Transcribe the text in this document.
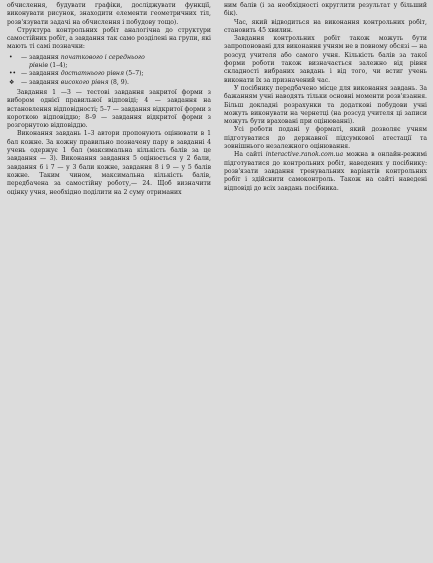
обчислення, будувати графіки, досліджувати функції, виконувати рисунок, знаходити елементи геометричних тіл, розв'язувати задачі на обчислення і побудову тощо).

Структура контрольних робіт аналогічна до структури самостійних робіт, а завдання так само розділені на групи, які мають ті самі позначки:

•	— завдання початкового і середнього
рівнів (1–4);
•• — завдання достатнього рівня (5–7);
❖	— завдання високого рівня (8, 9).

Завдання 1 —3 — тестові завдання закритої форми з вибором однієї правильної відповіді; 4 — завдання на встановлення відповідності; 5–7 — завдання відкритої форми з короткою відповіддю; 8–9 — завдання відкритої форми з розгорнутою відповіддю.

Виконання завдань 1–3 автори пропонують оцінювати в 1 бал кожне. За кожну правильно позначену пару в завданні 4 учень одержує 1 бал (максимальна кількість балів за це завдання — 3). Виконання завдання 5 оцінюється у 2 бали, завдання 6 і 7 — у 3 бали кожне, завдання 8 і 9 — у 5 балів кожне. Таким чином, максимальна кількість балів, передбачена за самостійну роботу,— 24. Щоб визначити оцінку учня, необхідно поділити на 2 суму отриманих

ним балів (і за необхідності округлити результат у більший бік).

Час, який відводиться на виконання контрольних робіт, становить 45 хвилин.

Завдання контрольних робіт також можуть бути запропоновані для виконання учням не в повному обсязі — на розсуд учителя або самого учня. Кількість балів за такої форми роботи також визначається залежно від рівня складності вибраних завдань і від того, чи встиг учень виконати їх за призначений час.

У посібнику передбачено місце для виконання завдань. За бажанням учні наводять тільки основні моменти розв'язання. Більш докладні розрахунки та додаткові побудови учні можуть виконувати на чернетці (на розсуд учителя ці записи можуть бути враховані при оцінюванні).

Усі роботи подані у форматі, який дозволяє учням підготуватися до державної підсумкової атестації та зовнішнього незалежного оцінювання.

На сайті interactive.ranok.com.ua можна в онлайн-режимі підготуватися до контрольних робіт, наведених у посібнику: розв'язати завдання тренувальних варіантів контрольних робіт і здійснити самоконтроль. Також на сайті наведені відповіді до всіх завдань посібника.
